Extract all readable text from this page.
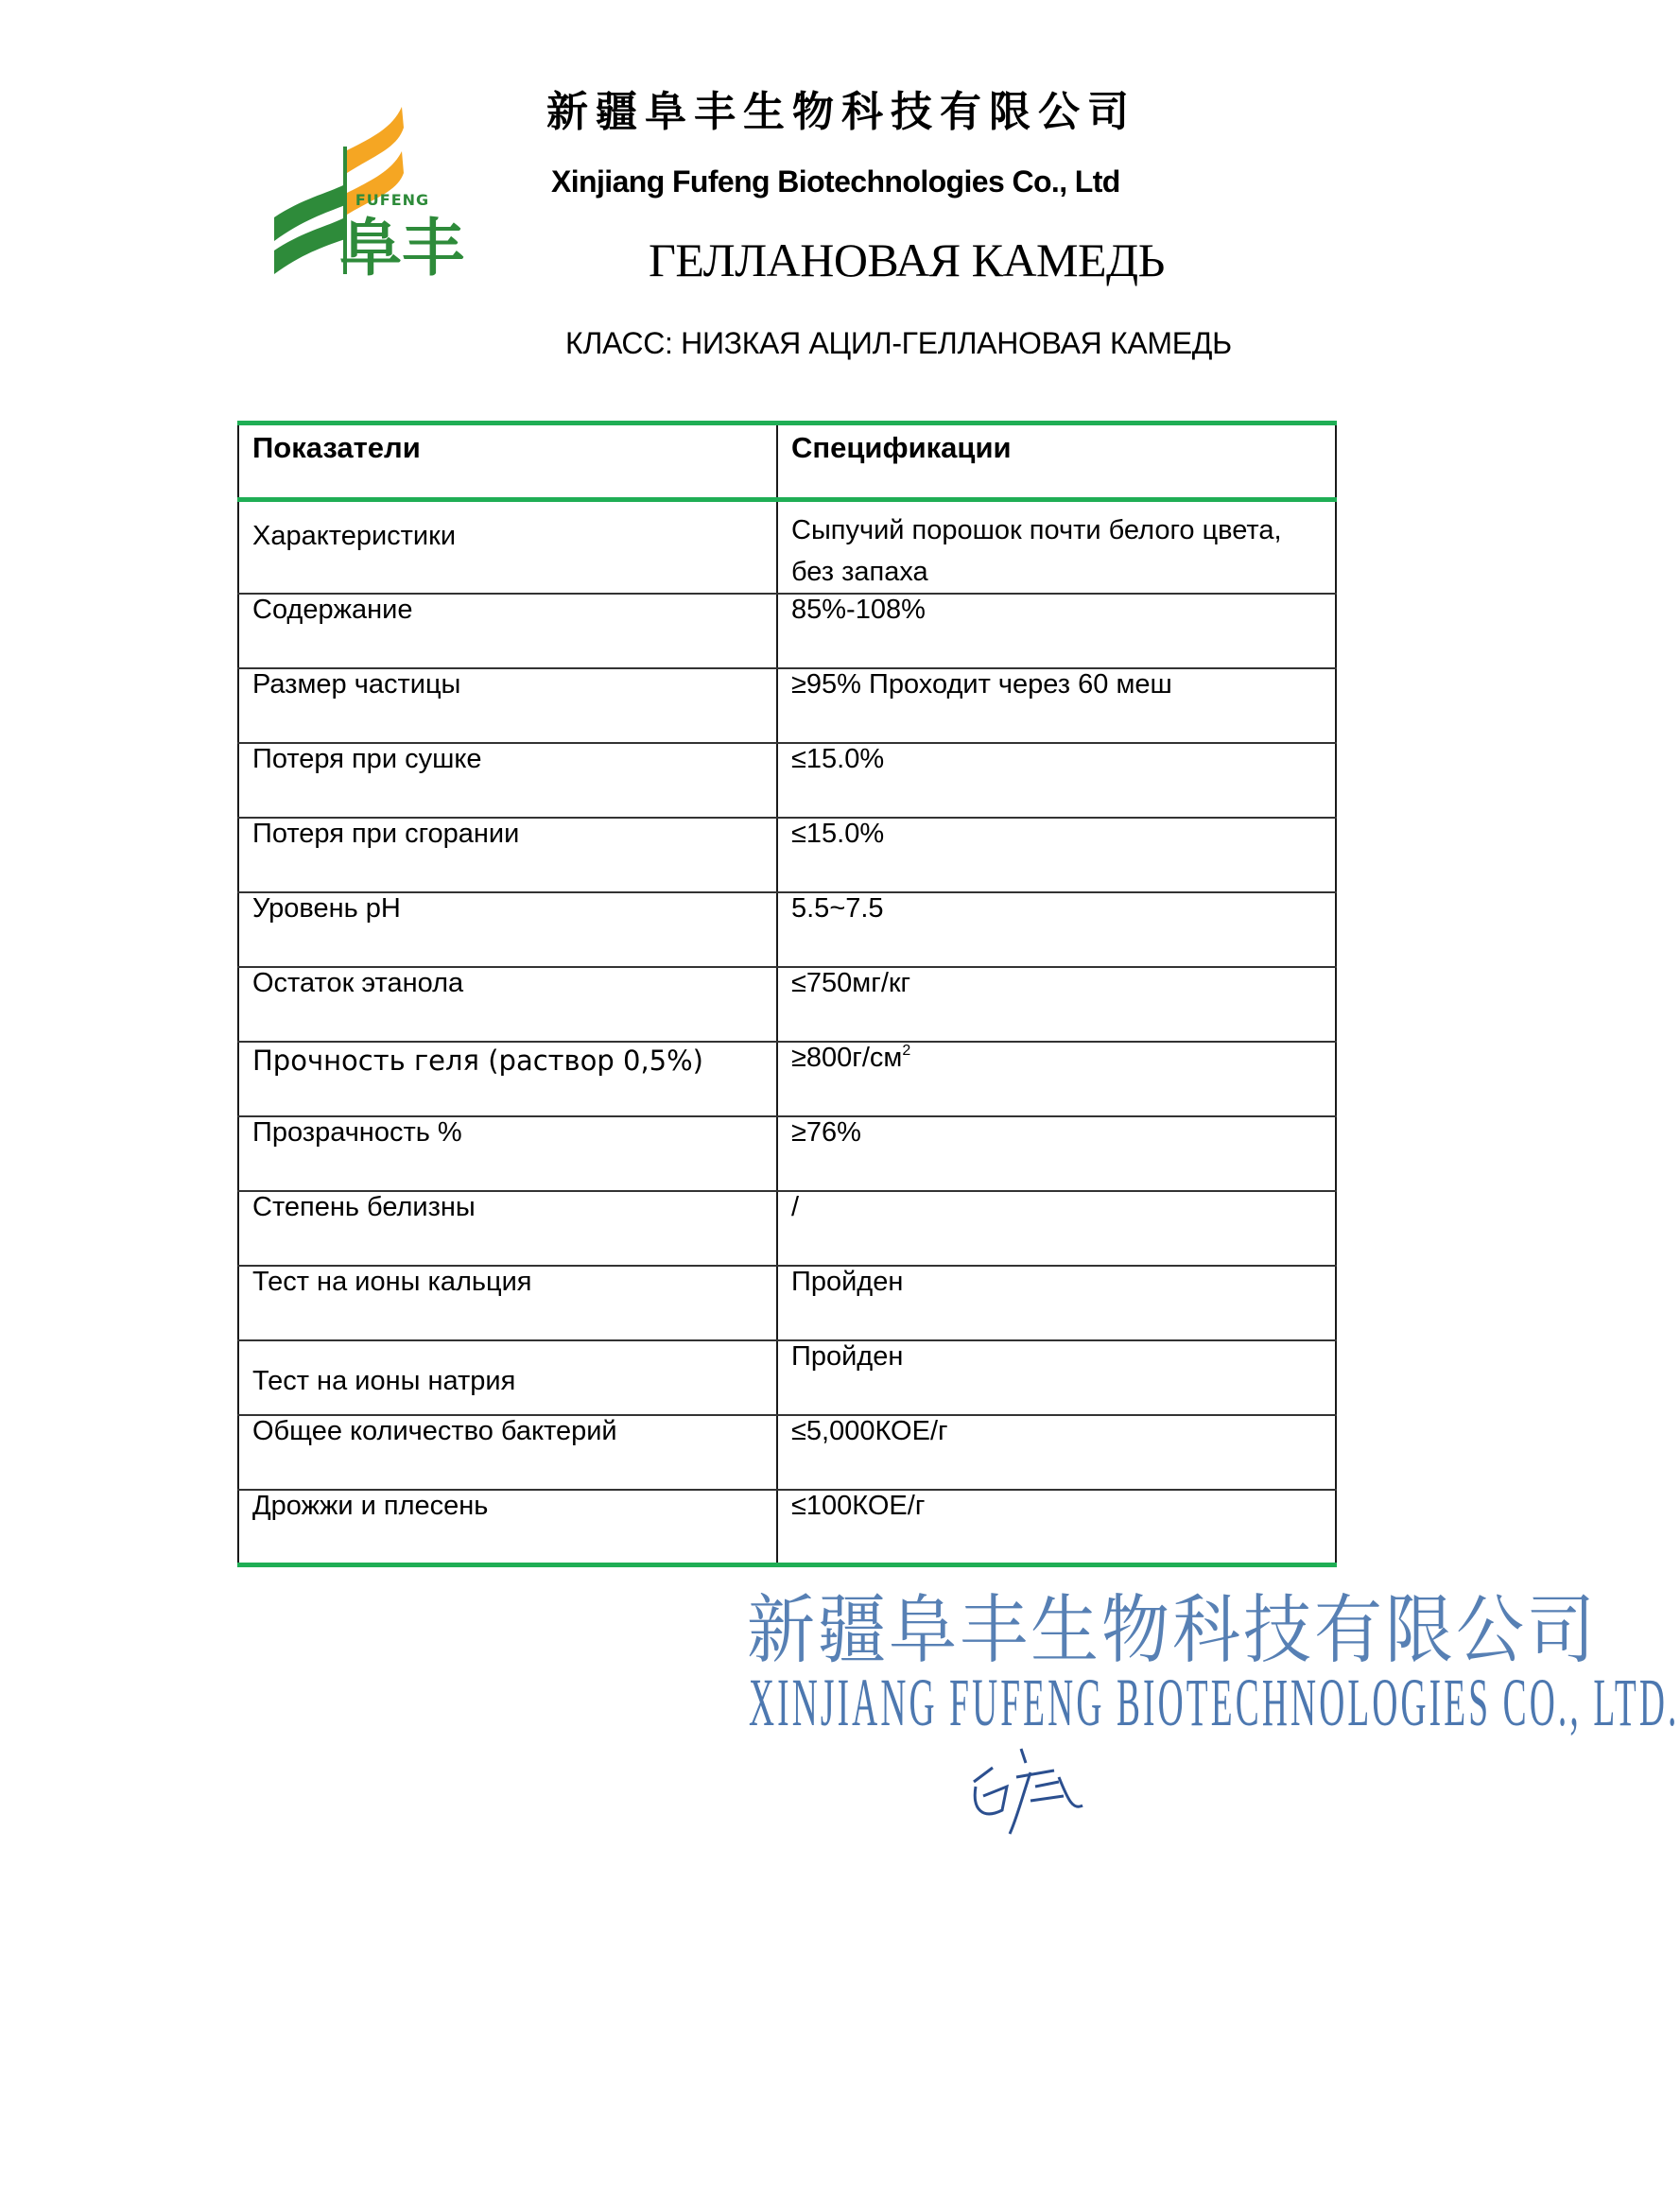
FUFENG
阜丰
新疆阜丰生物科技有限公司
Xinjiang Fufeng Biotechnologies Co., Ltd
ГЕЛЛАНОВАЯ КАМЕДЬ
КЛАСС: НИЗКАЯ АЦИЛ-ГЕЛЛАНОВАЯ КАМЕДЬ
Показатели	Спецификации
Характеристики	Сыпучий порошок почти белого цвета, без запаха
Содержание	85%-108%
Размер частицы	≥95% Проходит через 60 меш
Потеря при сушке	≤15.0%
Потеря при сгорании	≤15.0%
Уровень pH	5.5~7.5
Остаток этанола	≤750мг/кг
Прочность геля (раствор 0,5%)	$\ge 800г/см^2$
Прозрачность %	≥76%
Степень белизны	/
Тест на ионы кальция	Пройден
Тест на ионы натрия	Пройден
Общее количество бактерий	≤5,000КОЕ/г
Дрожжи и плесень	≤100КОЕ/г
新疆阜丰生物科技有限公司
XINJIANG FUFENG BIOTECHNOLOGIES CO., LTD.
